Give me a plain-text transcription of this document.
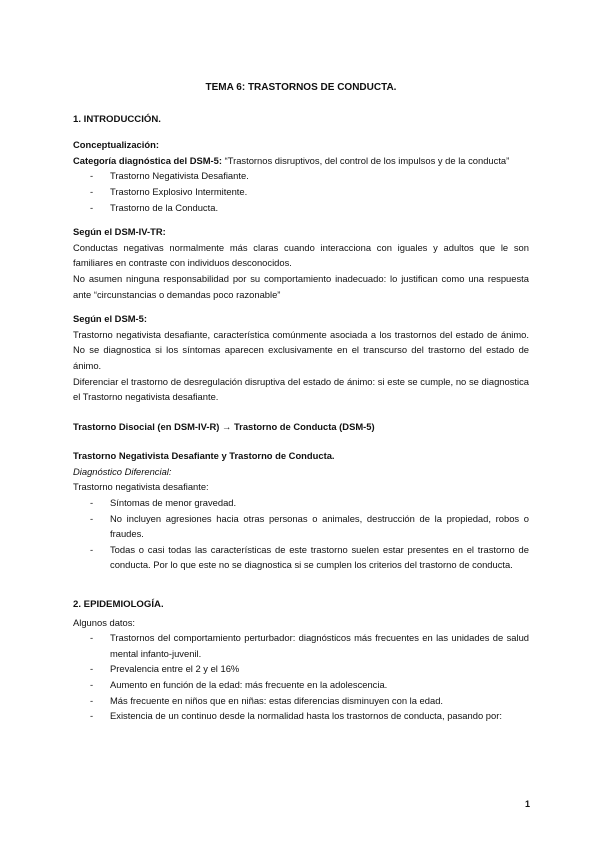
TEMA 6: TRASTORNOS DE CONDUCTA.
1. INTRODUCCIÓN.
Conceptualización:

Categoría diagnóstica del DSM-5: “Trastornos disruptivos, del control de los impulsos y de la conducta”

- Trastorno Negativista Desafiante.
- Trastorno Explosivo Intermitente.
- Trastorno de la Conducta.
Según el DSM-IV-TR:

Conductas negativas normalmente más claras cuando interacciona con iguales y adultos que le son familiares en contraste con individuos desconocidos.

No asumen ninguna responsabilidad por su comportamiento inadecuado: lo justifican como una respuesta ante “circunstancias o demandas poco razonable”

Según el DSM-5:

Trastorno negativista desafiante, característica comúnmente asociada a los trastornos del estado de ánimo. No se diagnostica si los síntomas aparecen exclusivamente en el transcurso del trastorno del estado de ánimo.

Diferenciar el trastorno de desregulación disruptiva del estado de ánimo: si este se cumple, no se diagnostica el Trastorno negativista desafiante.

Trastorno Disocial (en DSM-IV-R) → Trastorno de Conducta (DSM-5)
Trastorno Negativista Desafiante y Trastorno de Conducta.
Diagnóstico Diferencial:
Trastorno negativista desafiante:
- Síntomas de menor gravedad.
- No incluyen agresiones hacia otras personas o animales, destrucción de la propiedad, robos o fraudes.
- Todas o casi todas las características de este trastorno suelen estar presentes en el trastorno de conducta. Por lo que este no se diagnostica si se cumplen los criterios del trastorno de conducta.
2. EPIDEMIOLOGÍA.
Algunos datos:
- Trastornos del comportamiento perturbador: diagnósticos más frecuentes en las unidades de salud mental infanto-juvenil.
- Prevalencia entre el 2 y el 16%
- Aumento en función de la edad: más frecuente en la adolescencia.
- Más frecuente en niños que en niñas: estas diferencias disminuyen con la edad.
- Existencia de un continuo desde la normalidad hasta los trastornos de conducta, pasando por:
1
